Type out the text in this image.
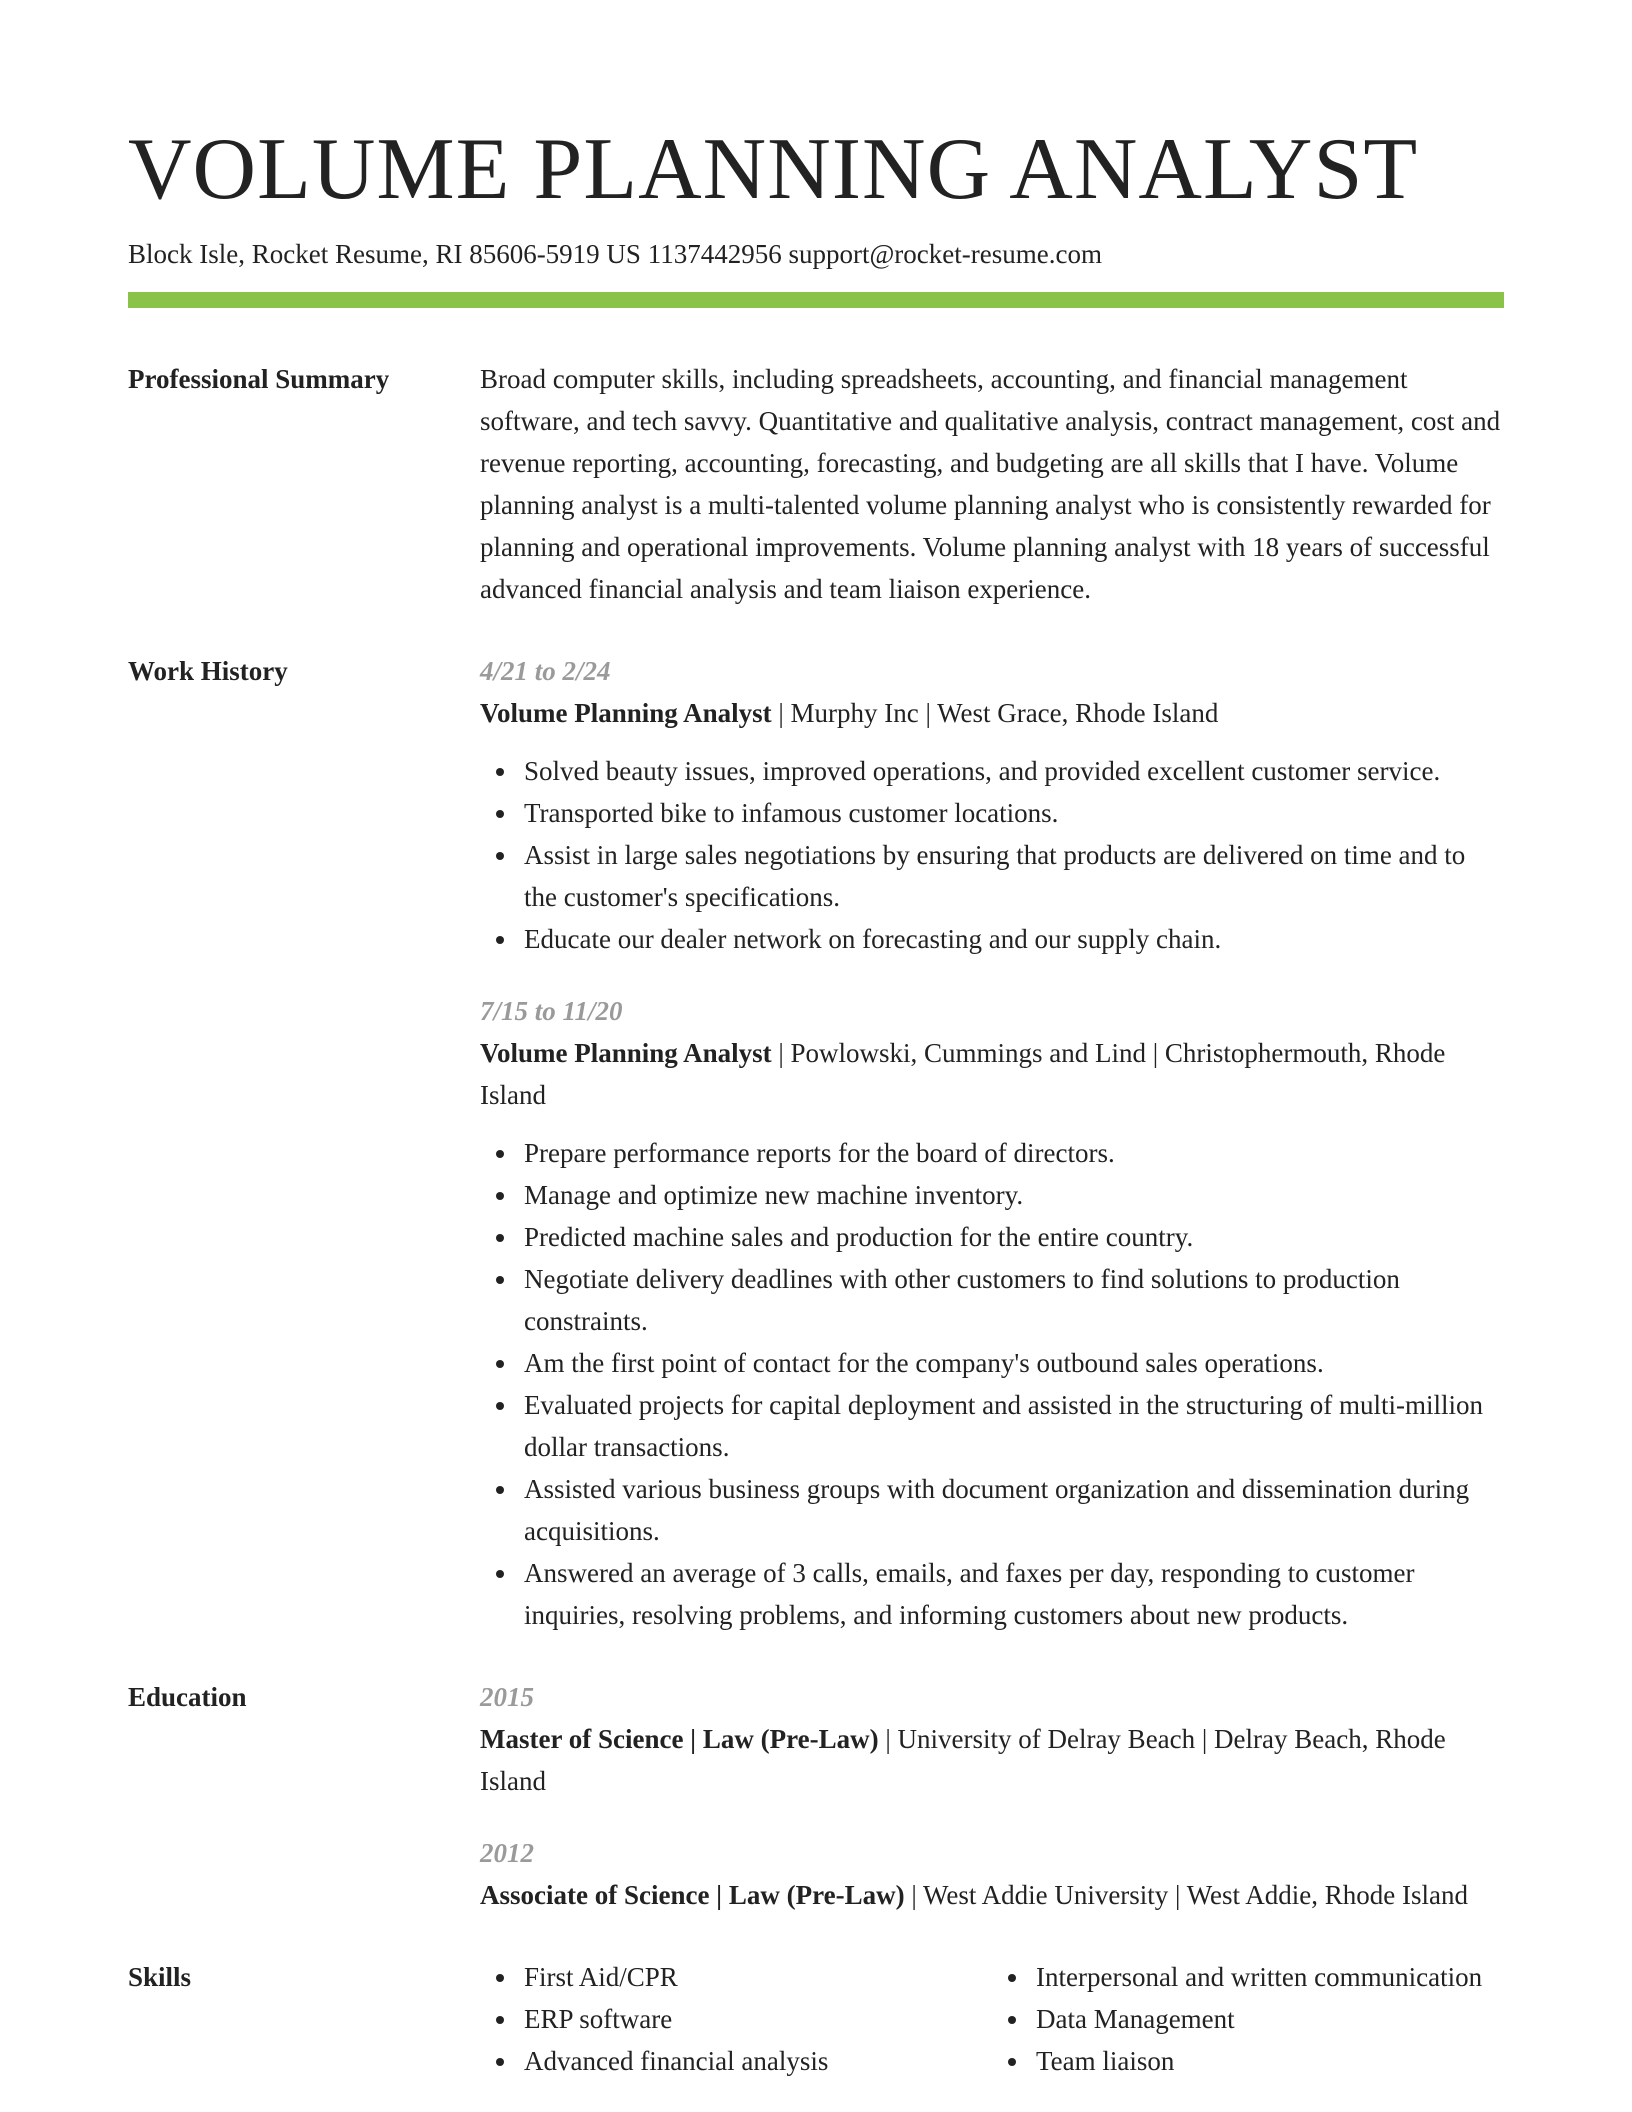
VOLUME PLANNING ANALYST
Block Isle, Rocket Resume, RI 85606-5919 US 1137442956 support@rocket-resume.com
Professional Summary	Broad computer skills, including spreadsheets, accounting, and financial management software, and tech savvy. Quantitative and qualitative analysis, contract management, cost and revenue reporting, accounting, forecasting, and budgeting are all skills that I have. Volume planning analyst is a multi-talented volume planning analyst who is consistently rewarded for planning and operational improvements. Volume planning analyst with 18 years of successful advanced financial analysis and team liaison experience.

Work History	4/21 to 2/24
Volume Planning Analyst | Murphy Inc | West Grace, Rhode Island
Solved beauty issues, improved operations, and provided excellent customer service.
Transported bike to infamous customer locations.
Assist in large sales negotiations by ensuring that products are delivered on time and to the customer's specifications.
Educate our dealer network on forecasting and our supply chain.
7/15 to 11/20
Volume Planning Analyst | Powlowski, Cummings and Lind | Christophermouth, Rhode Island
Prepare performance reports for the board of directors.
Manage and optimize new machine inventory.
Predicted machine sales and production for the entire country.
Negotiate delivery deadlines with other customers to find solutions to production constraints.
Am the first point of contact for the company's outbound sales operations.
Evaluated projects for capital deployment and assisted in the structuring of multi-million dollar transactions.
Assisted various business groups with document organization and dissemination during acquisitions.
Answered an average of 3 calls, emails, and faxes per day, responding to customer inquiries, resolving problems, and informing customers about new products.
Education	2015
Master of Science | Law (Pre-Law) | University of Delray Beach | Delray Beach, Rhode Island
2012
Associate of Science | Law (Pre-Law) | West Addie University | West Addie, Rhode Island
Skills	First Aid/CPR
ERP software
Advanced financial analysis
Interpersonal and written communication
Data Management
Team liaison
